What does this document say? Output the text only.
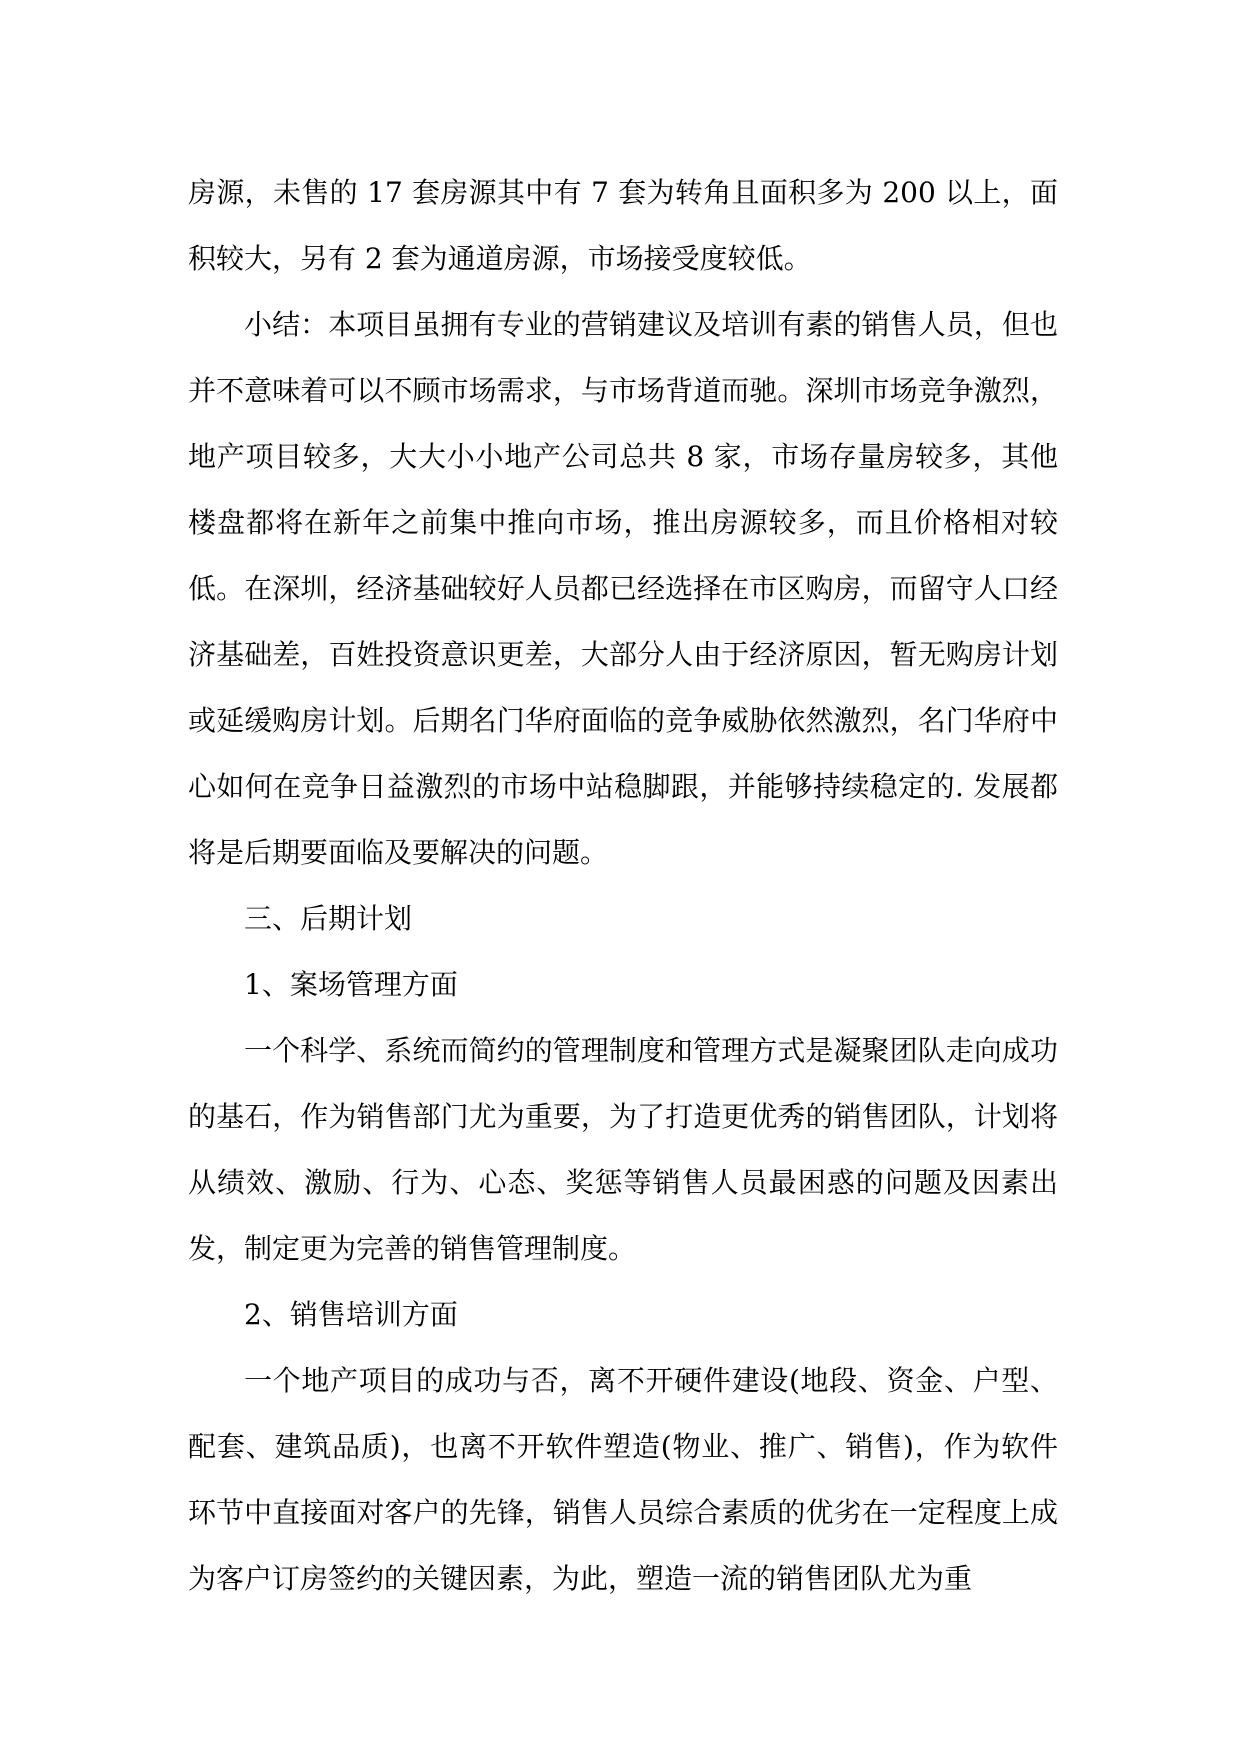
房源，未售的 17 套房源其中有 7 套为转角且面积多为 200 以上，面积较大，另有 2 套为通道房源，市场接受度较低。

小结：本项目虽拥有专业的营销建议及培训有素的销售人员，但也并不意味着可以不顾市场需求，与市场背道而驰。深圳市场竞争激烈，地产项目较多，大大小小地产公司总共 8 家，市场存量房较多，其他楼盘都将在新年之前集中推向市场，推出房源较多，而且价格相对较低。在深圳，经济基础较好人员都已经选择在市区购房，而留守人口经济基础差，百姓投资意识更差，大部分人由于经济原因，暂无购房计划或延缓购房计划。后期名门华府面临的竞争威胁依然激烈，名门华府中心如何在竞争日益激烈的市场中站稳脚跟，并能够持续稳定的. 发展都将是后期要面临及要解决的问题。

三、后期计划

1、案场管理方面

一个科学、系统而简约的管理制度和管理方式是凝聚团队走向成功的基石，作为销售部门尤为重要，为了打造更优秀的销售团队，计划将从绩效、激励、行为、心态、奖惩等销售人员最困惑的问题及因素出发，制定更为完善的销售管理制度。

2、销售培训方面

一个地产项目的成功与否，离不开硬件建设(地段、资金、户型、配套、建筑品质)，也离不开软件塑造(物业、推广、销售)，作为软件环节中直接面对客户的先锋，销售人员综合素质的优劣在一定程度上成为客户订房签约的关键因素，为此，塑造一流的销售团队尤为重
